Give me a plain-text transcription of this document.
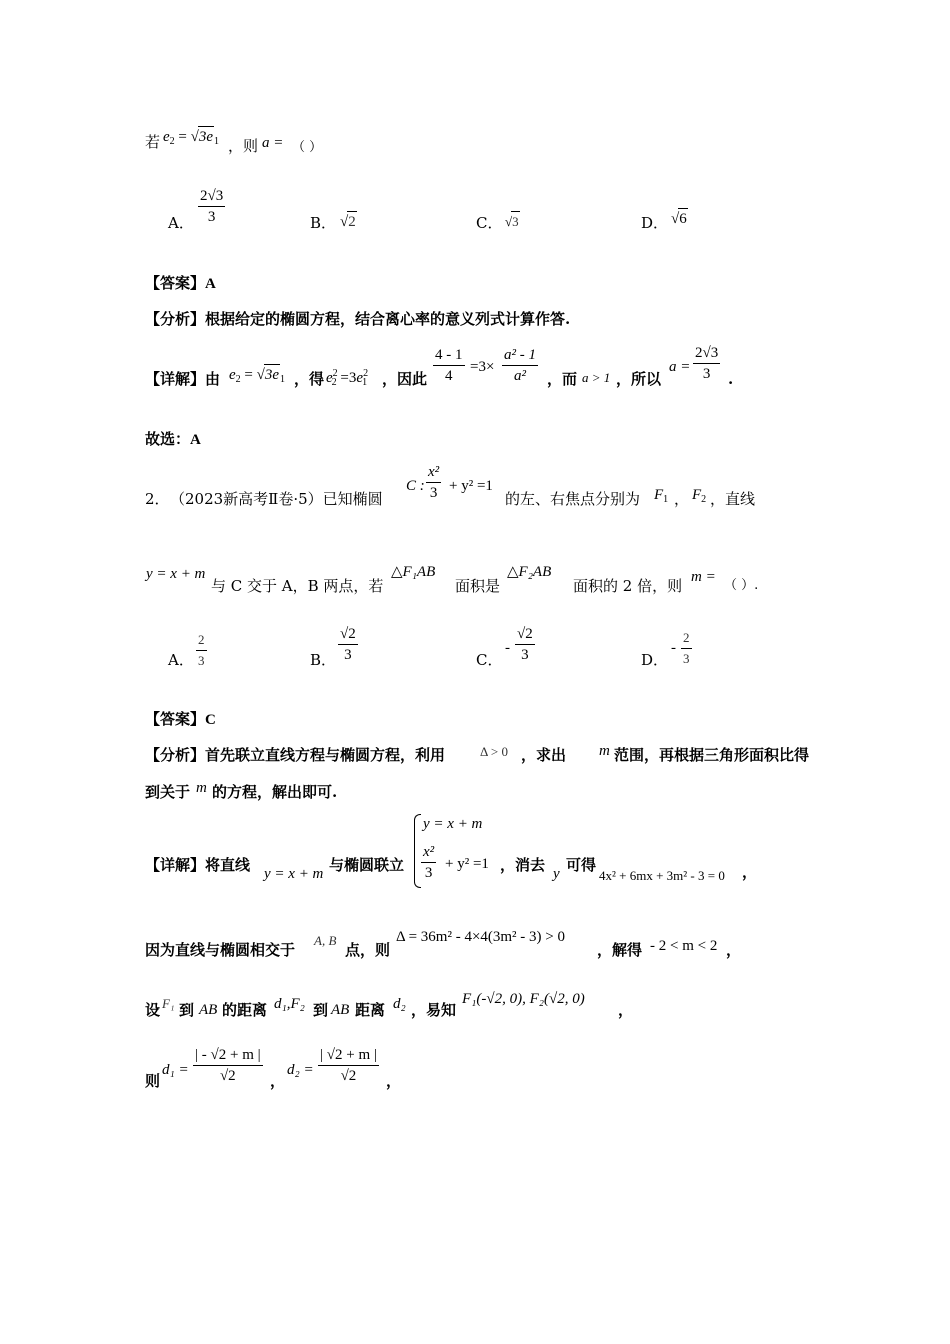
若 $e_2 = √3e_1$ ，则 a = （ ）
A． $\frac{2√3}{3}$	B． √2	C． √3	D． √6
【答案】A
【分析】根据给定的椭圆方程，结合离心率的意义列式计算作答.
【详解】由 $e_2 = √3e_1$ ，得 $e^2_2 =3e^2_1$ ，因此 $\frac{4 - 1}{4} =3\times \frac{\text{a² - 1}}{\text{a²}}$ ，而 a > 1 ，所以
$a = \frac{2√3}{3}$ .
故选：A
2． （2023新高考Ⅱ卷·5）已知椭圆
C : $\frac{\text{x²}}{3} + y^2 =1$
的左、右焦点分别为 $F_1$ ， $F_2$ ，直线
y = x + m
与 C 交于 A，B 两点，若
△F₁AB
面积是
△F₂AB
面积的 2 倍，则 m =
（ ）.
A． $\frac{2}{3}$	B． $\frac{√2}{3}$	C．
- $\frac{√2}{3}$	D．
- $\frac{2}{3}$
【答案】C
【分析】首先联立直线方程与椭圆方程，利用	Δ > 0 ，求出 m 范围，再根据三角形面积比得
到关于 m 的方程，解出即可.
【详解】将直线 y = x + m 与椭圆联立
y = x + m
$\frac{\text{x²}}{3} + y^2 =1$ ，消去 y 可得
4x² + 6mx + 3m² - 3 = 0 ，
因为直线与椭圆相交于
A, B
点，则
Δ = 36m² - 4×4(3m² - 3) > 0
，解得 - 2 < m < 2 ，
设 F₁ 到 AB 的距离 d₁,F₂ 到 AB 距离 d₂ ，易知
F₁(-√2, 0), F₂(√2, 0)
，
则
$d_1 = \frac{| - √2 + m |}{√2}$ ，
$d_2 = \frac{| √2 + m |}{√2}$ ，
